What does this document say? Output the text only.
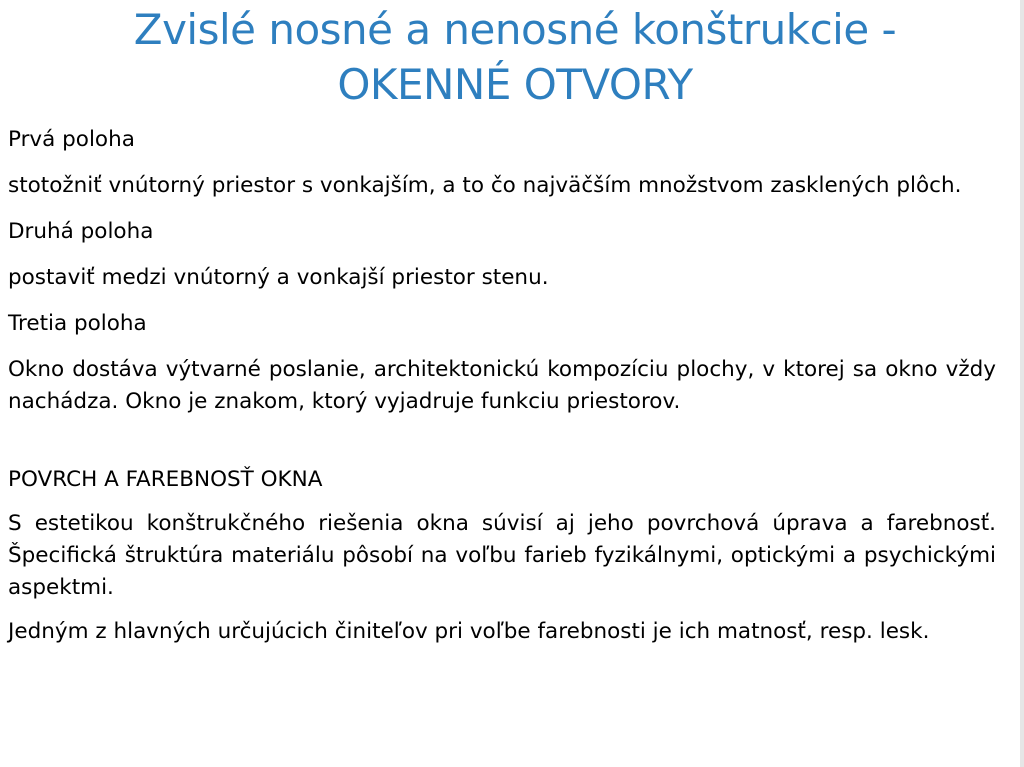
Zvislé nosné a nenosné konštrukcie -
OKENNÉ OTVORY

Prvá poloha

stotožniť vnútorný priestor s vonkajším, a to čo najväčším množstvom zasklených plôch.

Druhá poloha

postaviť medzi vnútorný a vonkajší priestor stenu.

Tretia poloha

Okno dostáva výtvarné poslanie, architektonickú kompozíciu plochy, v ktorej sa okno vždy nachádza. Okno je znakom, ktorý vyjadruje funkciu priestorov.

POVRCH A FAREBNOSŤ OKNA

S estetikou konštrukčného riešenia okna súvisí aj jeho povrchová úprava a farebnosť. Špecifická štruktúra materiálu pôsobí na voľbu farieb fyzikálnymi, optickými a psychickými aspektmi.

Jedným z hlavných určujúcich činiteľov pri voľbe farebnosti je ich matnosť, resp. lesk.
